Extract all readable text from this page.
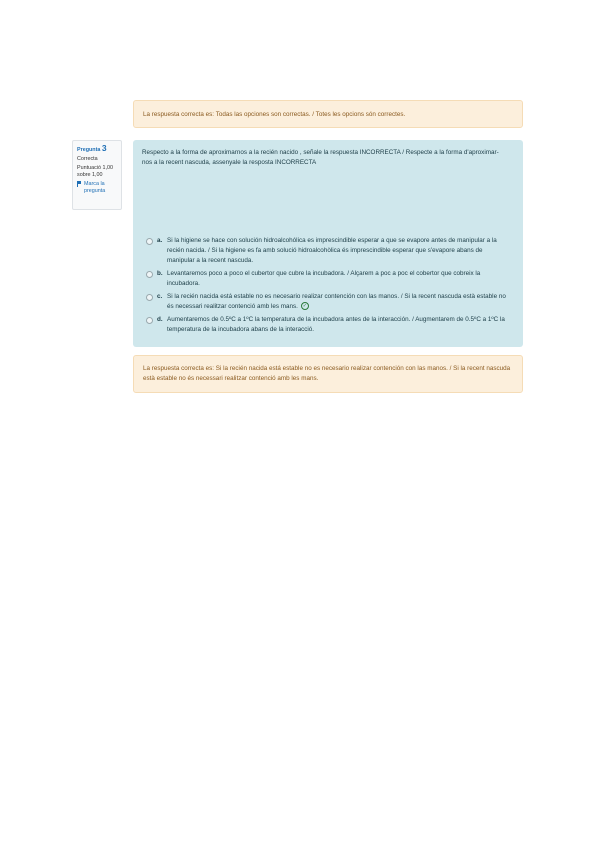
La respuesta correcta es: Todas las opciones son correctas. / Totes les opcions són correctes.
Pregunta 3
Correcta
Puntuació 1,00
sobre 1,00
Marca la pregunta
Respecto a la forma de aproximarnos a la recién nacido , señale la respuesta INCORRECTA / Respecte a la forma d'aproximar-nos a la recent nascuda, assenyale la resposta INCORRECTA
a. Si la higiene se hace con solución hidroalcohólica es imprescindible esperar a que se evapore antes de manipular a la recién nacida. / Si la higiene es fa amb solució hidroalcohòlica és imprescindible esperar que s'evapore abans de manipular a la recent nascuda.
b. Levantaremos poco a poco el cubertor que cubre la incubadora. / Alçarem a poc a poc el cobertor que cobreix la incubadora.
c. Si la recién nacida está estable no es necesario realizar contención con las manos. / Si la recent nascuda està estable no és necessari realitzar contenció amb les mans. ✓
d. Aumentaremos de 0.5ºC a 1ºC la temperatura de la incubadora antes de la interacción. / Augmentarem de 0.5ºC a 1ºC la temperatura de la incubadora abans de la interacció.
La respuesta correcta es: Si la recién nacida está estable no es necesario realizar contención con las manos. / Si la recent nascuda està estable no és necessari realitzar contenció amb les mans.
